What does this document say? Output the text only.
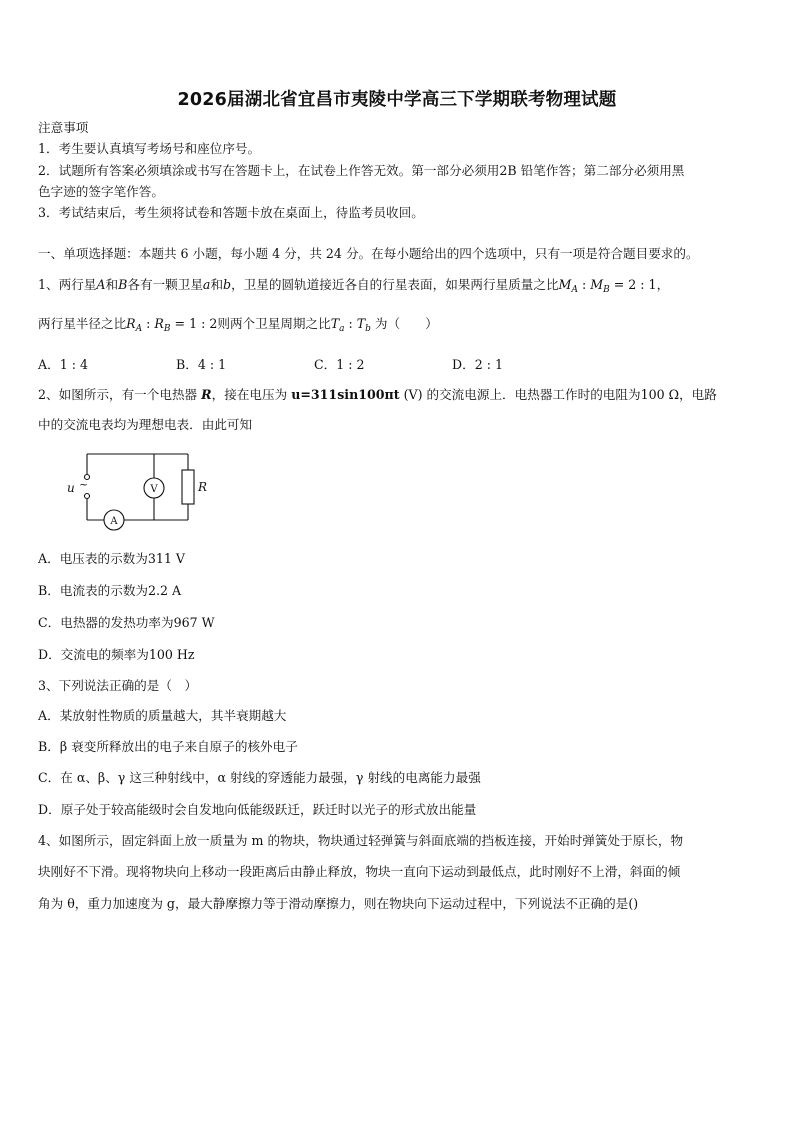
2026届湖北省宜昌市夷陵中学高三下学期联考物理试题
注意事项
1．考生要认真填写考场号和座位序号。
2．试题所有答案必须填涂或书写在答题卡上，在试卷上作答无效。第一部分必须用2B 铅笔作答；第二部分必须用黑
色字迹的签字笔作答。
3．考试结束后，考生须将试卷和答题卡放在桌面上，待监考员收回。
一、单项选择题：本题共 6 小题，每小题 4 分，共 24 分。在每小题给出的四个选项中，只有一项是符合题目要求的。
1、两行星A和B各有一颗卫星a和b，卫星的圆轨道接近各自的行星表面，如果两行星质量之比$M_A$ : $M_B = 2$ : 1，
两行星半径之比$R_A$ : $R_B = 1$ : 2则两个卫星周期之比$T_a$ : $T_b$ 为（　　）
A．1 : 4	B．4 : 1	C．1 : 2	D．2 : 1
2、如图所示，有一个电热器 R，接在电压为 u=311sin100πt (V) 的交流电源上．电热器工作时的电阻为100 Ω，电路
中的交流电表均为理想电表．由此可知
u ~	V
A
R
A．电压表的示数为311 V
B．电流表的示数为2.2 A
C．电热器的发热功率为967 W
D．交流电的频率为100 Hz
3、下列说法正确的是（　）
A．某放射性物质的质量越大，其半衰期越大
B．β 衰变所释放出的电子来自原子的核外电子
C．在 α、β、γ 这三种射线中，α 射线的穿透能力最强，γ 射线的电离能力最强
D．原子处于较高能级时会自发地向低能级跃迁，跃迁时以光子的形式放出能量
4、如图所示，固定斜面上放一质量为 m 的物块，物块通过轻弹簧与斜面底端的挡板连接，开始时弹簧处于原长，物
块刚好不下滑。现将物块向上移动一段距离后由静止释放，物块一直向下运动到最低点，此时刚好不上滑，斜面的倾
角为 θ，重力加速度为 g，最大静摩擦力等于滑动摩擦力，则在物块向下运动过程中，下列说法不正确的是()
